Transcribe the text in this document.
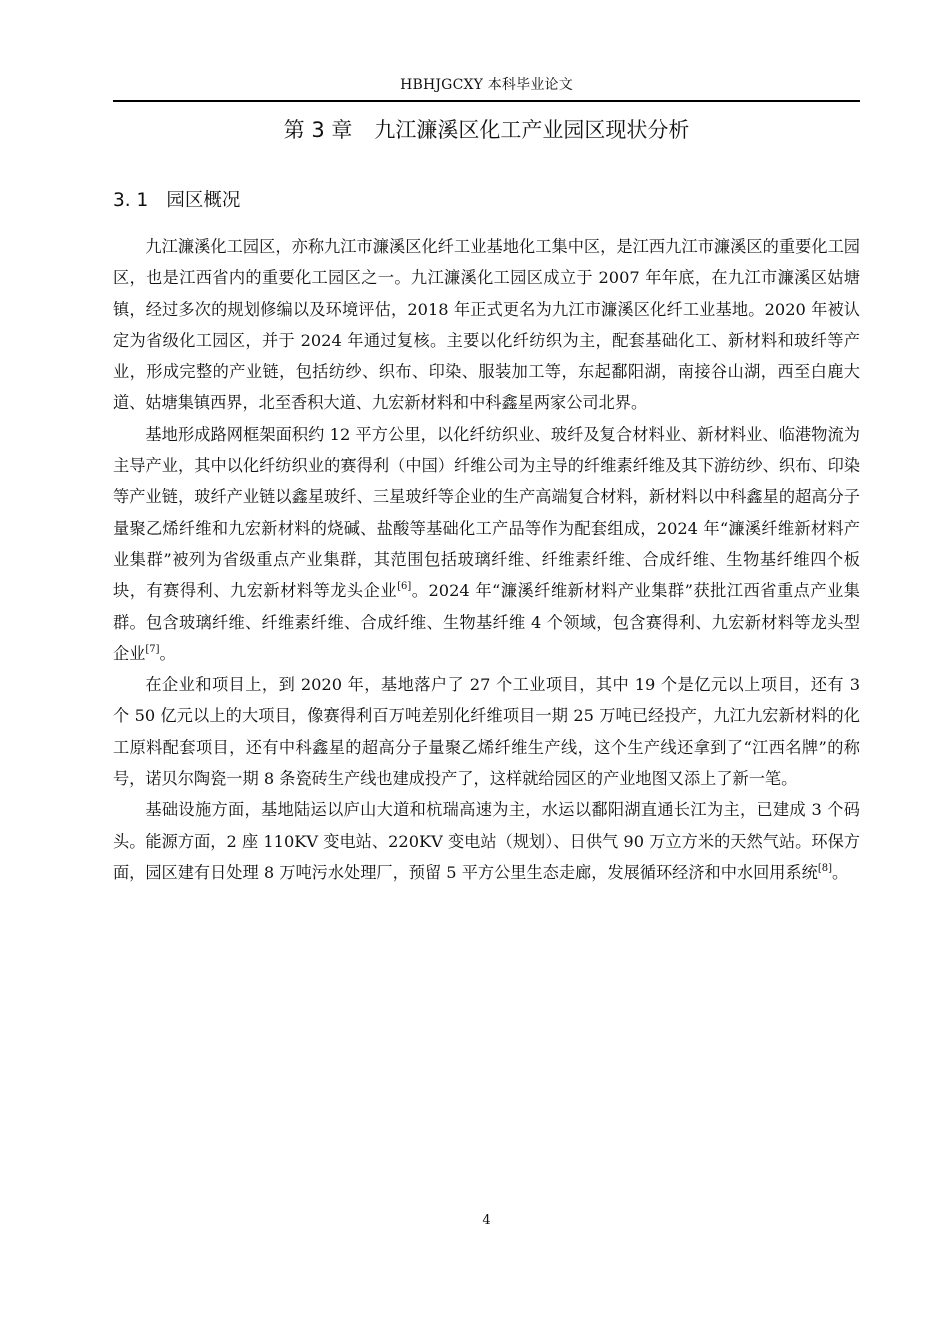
HBHJGCXY 本科毕业论文
第 3 章 九江濂溪区化工产业园区现状分析
3. 1 园区概况

九江濂溪化工园区，亦称九江市濂溪区化纤工业基地化工集中区，是江西九江市濂溪区的重要化工园区，也是江西省内的重要化工园区之一。九江濂溪化工园区成立于 2007 年年底，在九江市濂溪区姑塘镇，经过多次的规划修编以及环境评估，2018 年正式更名为九江市濂溪区化纤工业基地。2020 年被认定为省级化工园区，并于 2024 年通过复核。主要以化纤纺织为主，配套基础化工、新材料和玻纤等产业，形成完整的产业链，包括纺纱、织布、印染、服装加工等，东起鄱阳湖，南接谷山湖，西至白鹿大道、姑塘集镇西界，北至香积大道、九宏新材料和中科鑫星两家公司北界。

基地形成路网框架面积约 12 平方公里，以化纤纺织业、玻纤及复合材料业、新材料业、临港物流为主导产业，其中以化纤纺织业的赛得利（中国）纤维公司为主导的纤维素纤维及其下游纺纱、织布、印染等产业链，玻纤产业链以鑫星玻纤、三星玻纤等企业的生产高端复合材料，新材料以中科鑫星的超高分子量聚乙烯纤维和九宏新材料的烧碱、盐酸等基础化工产品等作为配套组成，2024 年“濂溪纤维新材料产业集群”被列为省级重点产业集群，其范围包括玻璃纤维、纤维素纤维、合成纤维、生物基纤维四个板块，有赛得利、九宏新材料等龙头企业[6]。2024 年“濂溪纤维新材料产业集群”获批江西省重点产业集群。包含玻璃纤维、纤维素纤维、合成纤维、生物基纤维 4 个领域，包含赛得利、九宏新材料等龙头型企业[7]。

在企业和项目上，到 2020 年，基地落户了 27 个工业项目，其中 19 个是亿元以上项目，还有 3 个 50 亿元以上的大项目，像赛得利百万吨差别化纤维项目一期 25 万吨已经投产，九江九宏新材料的化工原料配套项目，还有中科鑫星的超高分子量聚乙烯纤维生产线，这个生产线还拿到了“江西名牌”的称号，诺贝尔陶瓷一期 8 条瓷砖生产线也建成投产了，这样就给园区的产业地图又添上了新一笔。

基础设施方面，基地陆运以庐山大道和杭瑞高速为主，水运以鄱阳湖直通长江为主，已建成 3 个码头。能源方面，2 座 110KV 变电站、220KV 变电站（规划）、日供气 90 万立方米的天然气站。环保方面，园区建有日处理 8 万吨污水处理厂，预留 5 平方公里生态走廊，发展循环经济和中水回用系统[8]。

4
